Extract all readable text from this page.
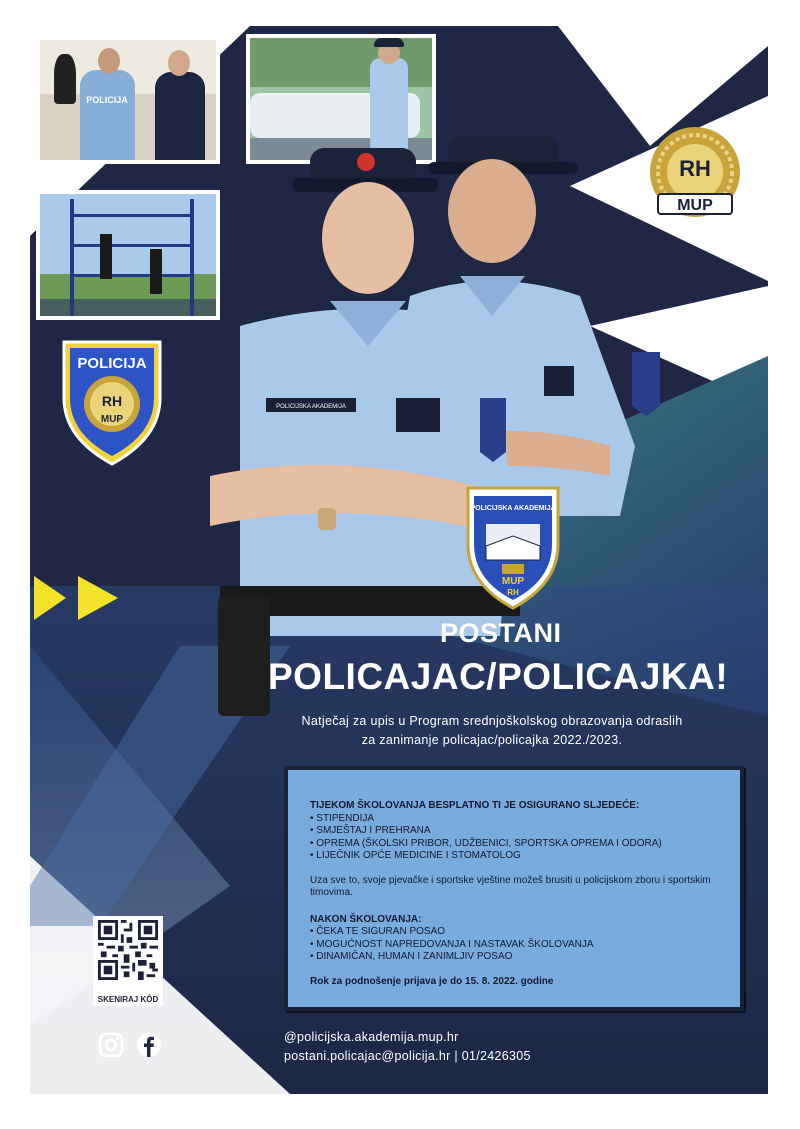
POLICIJA
POLICIJA
RH
MUP
RH
MUP
POLICIJSKA AKADEMIJA
POLICIJSKA AKADEMIJA
MUP
RH
POSTANI
POLICAJAC/POLICAJKA!
Natječaj za upis u Program srednjoškolskog obrazovanja odraslih
za zanimanje policajac/policajka 2022./2023.
TIJEKOM ŠKOLOVANJA BESPLATNO TI JE OSIGURANO SLJEDEĆE:
• STIPENDIJA
• SMJEŠTAJ I PREHRANA
• OPREMA (ŠKOLSKI PRIBOR, UDŽBENICI, SPORTSKA OPREMA I ODORA)
• LIJEČNIK OPĆE MEDICINE I STOMATOLOG
Uza sve to, svoje pjevačke i sportske vještine možeš brusiti u policijskom zboru i sportskim timovima.
NAKON ŠKOLOVANJA:
• ČEKA TE SIGURAN POSAO
• MOGUĆNOST NAPREDOVANJA I NASTAVAK ŠKOLOVANJA
• DINAMIČAN, HUMAN I ZANIMLJIV POSAO
Rok za podnošenje prijava je do 15. 8. 2022. godine
SKENIRAJ KÔD
@policijska.akademija.mup.hr
postani.policajac@policija.hr | 01/2426305
